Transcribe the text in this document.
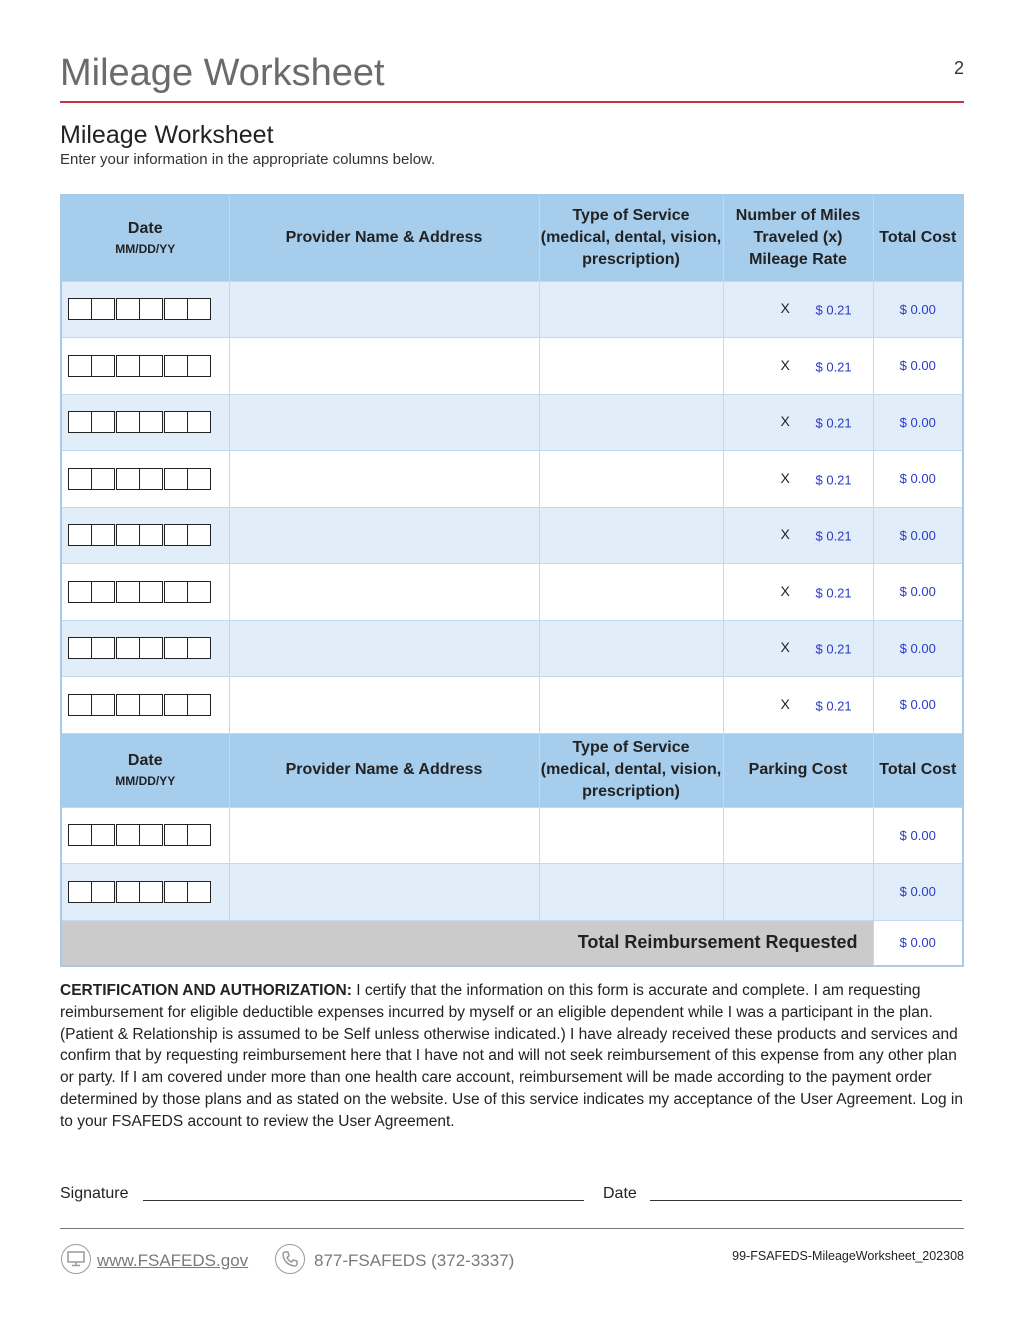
Mileage Worksheet	2
Mileage Worksheet
Enter your information in the appropriate columns below.
Date
MM/DD/YY	Provider Name & Address	Type of Service (medical, dental, vision, prescription)	Number of Miles Traveled (x) Mileage Rate	Total Cost

			X $ 0.21	$ 0.00

			X $ 0.21	$ 0.00

			X $ 0.21	$ 0.00

			X $ 0.21	$ 0.00

			X $ 0.21	$ 0.00

			X $ 0.21	$ 0.00

			X $ 0.21	$ 0.00

			X $ 0.21	$ 0.00
Date
MM/DD/YY	Provider Name & Address	Type of Service (medical, dental, vision, prescription)	Parking Cost	Total Cost

				$ 0.00

				$ 0.00
Total Reimbursement Requested				$ 0.00
CERTIFICATION AND AUTHORIZATION: I certify that the information on this form is accurate and complete. I am requesting reimbursement for eligible deductible expenses incurred by myself or an eligible dependent while I was a participant in the plan. (Patient & Relationship is assumed to be Self unless otherwise indicated.) I have already received these products and services and confirm that by requesting reimbursement here that I have not and will not seek reimbursement of this expense from any other plan or party. If I am covered under more than one health care account, reimbursement will be made according to the payment order determined by those plans and as stated on the website. Use of this service indicates my acceptance of the User Agreement. Log in to your FSAFEDS account to review the User Agreement.
Signature	Date
www.FSAFEDS.gov	877-FSAFEDS (372-3337)	99-FSAFEDS-MileageWorksheet_202308
